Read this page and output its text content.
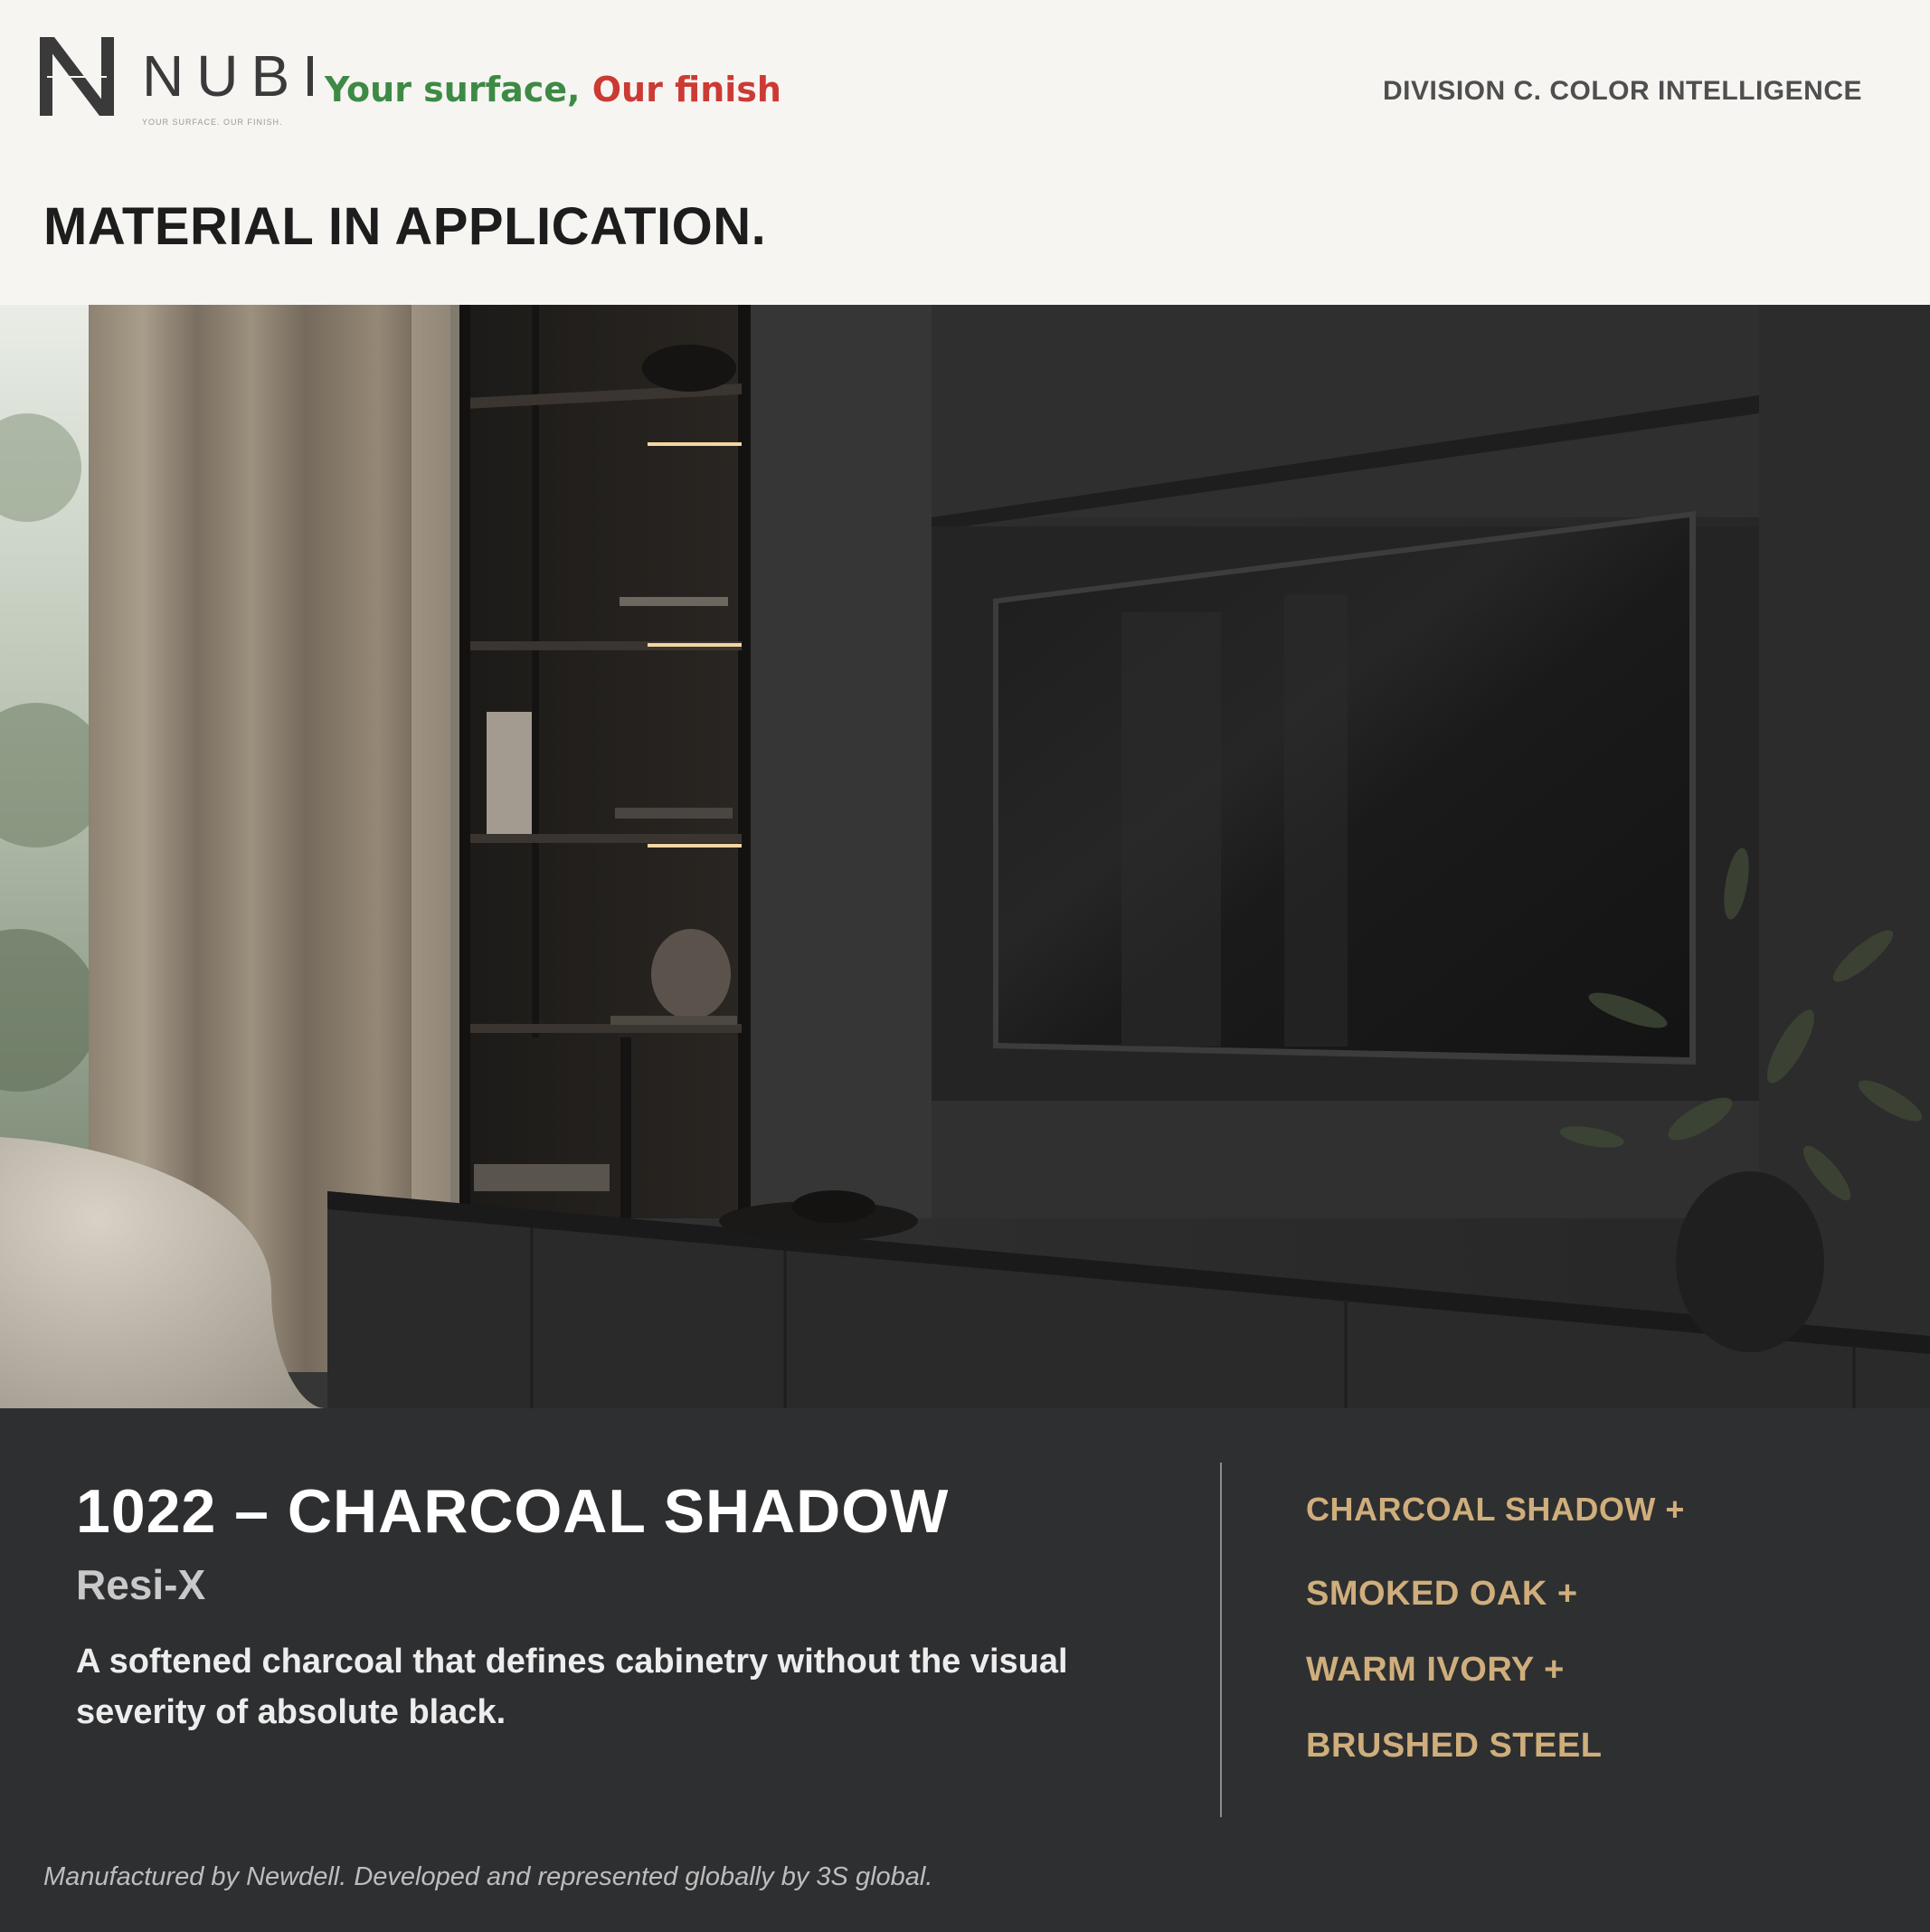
NUBI
YOUR SURFACE. OUR FINISH.
Your surface, Our finish	DIVISION C. COLOR INTELLIGENCE
MATERIAL IN APPLICATION.
1022 – CHARCOAL SHADOW
Resi-X
A softened charcoal that defines cabinetry without the visual severity of absolute black.
CHARCOAL SHADOW +
SMOKED OAK +
WARM IVORY +
BRUSHED STEEL
Manufactured by Newdell. Developed and represented globally by 3S global.
